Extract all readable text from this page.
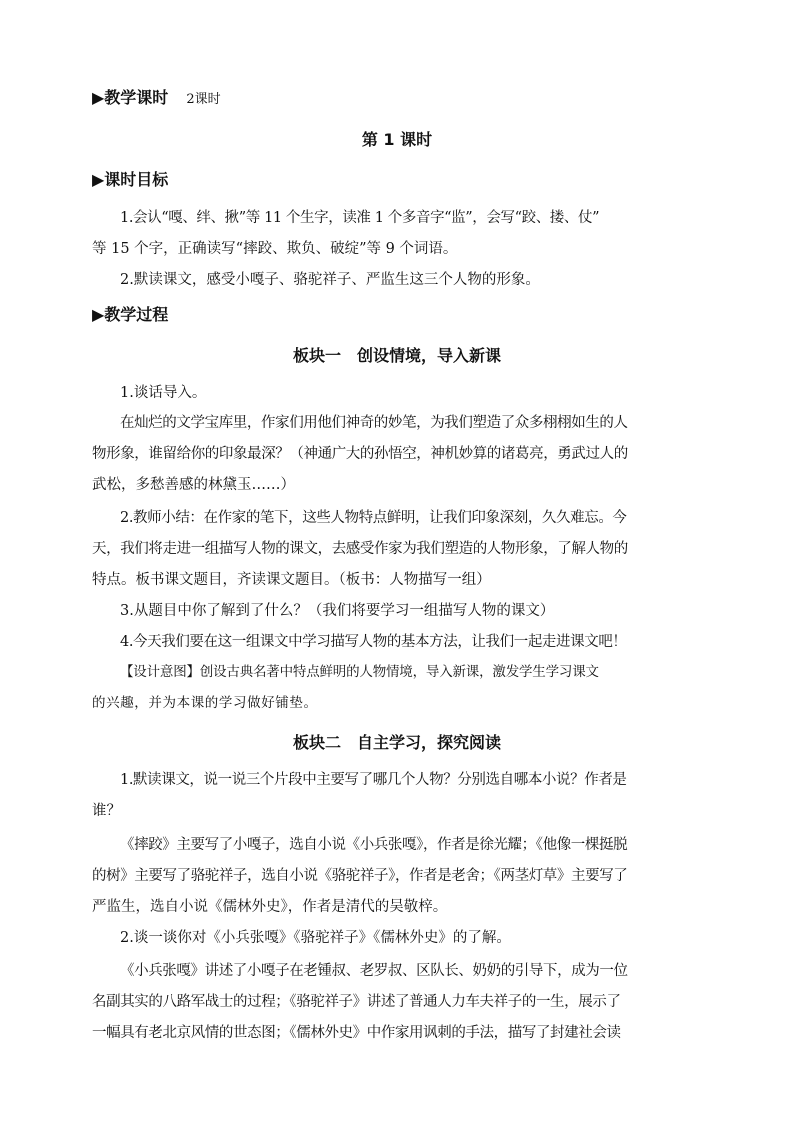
▶教学课时 2课时
第 1 课时
▶课时目标
1.会认“嘎、绊、揪”等 11 个生字，读准 1 个多音字“监”，会写“跤、搂、仗”
等 15 个字，正确读写“摔跤、欺负、破绽”等 9 个词语。
2.默读课文，感受小嘎子、骆驼祥子、严监生这三个人物的形象。
▶教学过程
板块一　创设情境，导入新课
1.谈话导入。
在灿烂的文学宝库里，作家们用他们神奇的妙笔，为我们塑造了众多栩栩如生的人
物形象，谁留给你的印象最深？（神通广大的孙悟空，神机妙算的诸葛亮，勇武过人的
武松，多愁善感的林黛玉……）
2.教师小结：在作家的笔下，这些人物特点鲜明，让我们印象深刻，久久难忘。今
天，我们将走进一组描写人物的课文，去感受作家为我们塑造的人物形象，了解人物的
特点。板书课文题目，齐读课文题目。（板书：人物描写一组）
3.从题目中你了解到了什么？（我们将要学习一组描写人物的课文）
4.今天我们要在这一组课文中学习描写人物的基本方法，让我们一起走进课文吧！
【设计意图】创设古典名著中特点鲜明的人物情境，导入新课，激发学生学习课文
的兴趣，并为本课的学习做好铺垫。
板块二　自主学习，探究阅读
1.默读课文，说一说三个片段中主要写了哪几个人物？分别选自哪本小说？作者是
谁？
《摔跤》主要写了小嘎子，选自小说《小兵张嘎》，作者是徐光耀；《他像一棵挺脱
的树》主要写了骆驼祥子，选自小说《骆驼祥子》，作者是老舍；《两茎灯草》主要写了
严监生，选自小说《儒林外史》，作者是清代的吴敬梓。
2.谈一谈你对《小兵张嘎》《骆驼祥子》《儒林外史》的了解。
《小兵张嘎》讲述了小嘎子在老锺叔、老罗叔、区队长、奶奶的引导下，成为一位
名副其实的八路军战士的过程；《骆驼祥子》讲述了普通人力车夫祥子的一生，展示了
一幅具有老北京风情的世态图；《儒林外史》中作家用讽刺的手法，描写了封建社会读
